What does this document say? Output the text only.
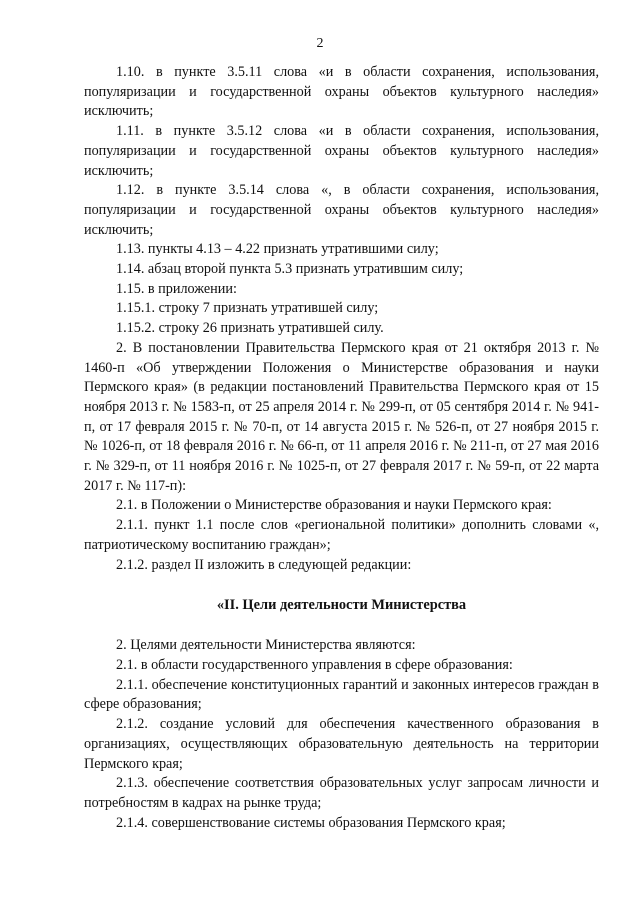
2

1.10. в пункте 3.5.11 слова «и в области сохранения, использования, популяризации и государственной охраны объектов культурного наследия» исключить;

1.11. в пункте 3.5.12 слова «и в области сохранения, использования, популяризации и государственной охраны объектов культурного наследия» исключить;

1.12. в пункте 3.5.14 слова «, в области сохранения, использования, популяризации и государственной охраны объектов культурного наследия» исключить;

1.13. пункты 4.13 – 4.22 признать утратившими силу;

1.14. абзац второй пункта 5.3 признать утратившим силу;

1.15. в приложении:

1.15.1. строку 7 признать утратившей силу;

1.15.2. строку 26 признать утратившей силу.

2. В постановлении Правительства Пермского края от 21 октября 2013 г. № 1460-п «Об утверждении Положения о Министерстве образования и науки Пермского края» (в редакции постановлений Правительства Пермского края от 15 ноября 2013 г. № 1583-п, от 25 апреля 2014 г. № 299-п, от 05 сентября 2014 г. № 941-п, от 17 февраля 2015 г. № 70-п, от 14 августа 2015 г. № 526-п, от 27 ноября 2015 г. № 1026-п, от 18 февраля 2016 г. № 66-п, от 11 апреля 2016 г. № 211-п, от 27 мая 2016 г. № 329-п, от 11 ноября 2016 г. № 1025-п, от 27 февраля 2017 г. № 59-п, от 22 марта 2017 г. № 117-п):

2.1. в Положении о Министерстве образования и науки Пермского края:

2.1.1. пункт 1.1 после слов «региональной политики» дополнить словами «, патриотическому воспитанию граждан»;

2.1.2. раздел II изложить в следующей редакции:

«II. Цели деятельности Министерства

2. Целями деятельности Министерства являются:

2.1. в области государственного управления в сфере образования:

2.1.1. обеспечение конституционных гарантий и законных интересов граждан в сфере образования;

2.1.2. создание условий для обеспечения качественного образования в организациях, осуществляющих образовательную деятельность на территории Пермского края;

2.1.3. обеспечение соответствия образовательных услуг запросам личности и потребностям в кадрах на рынке труда;

2.1.4. совершенствование системы образования Пермского края;
